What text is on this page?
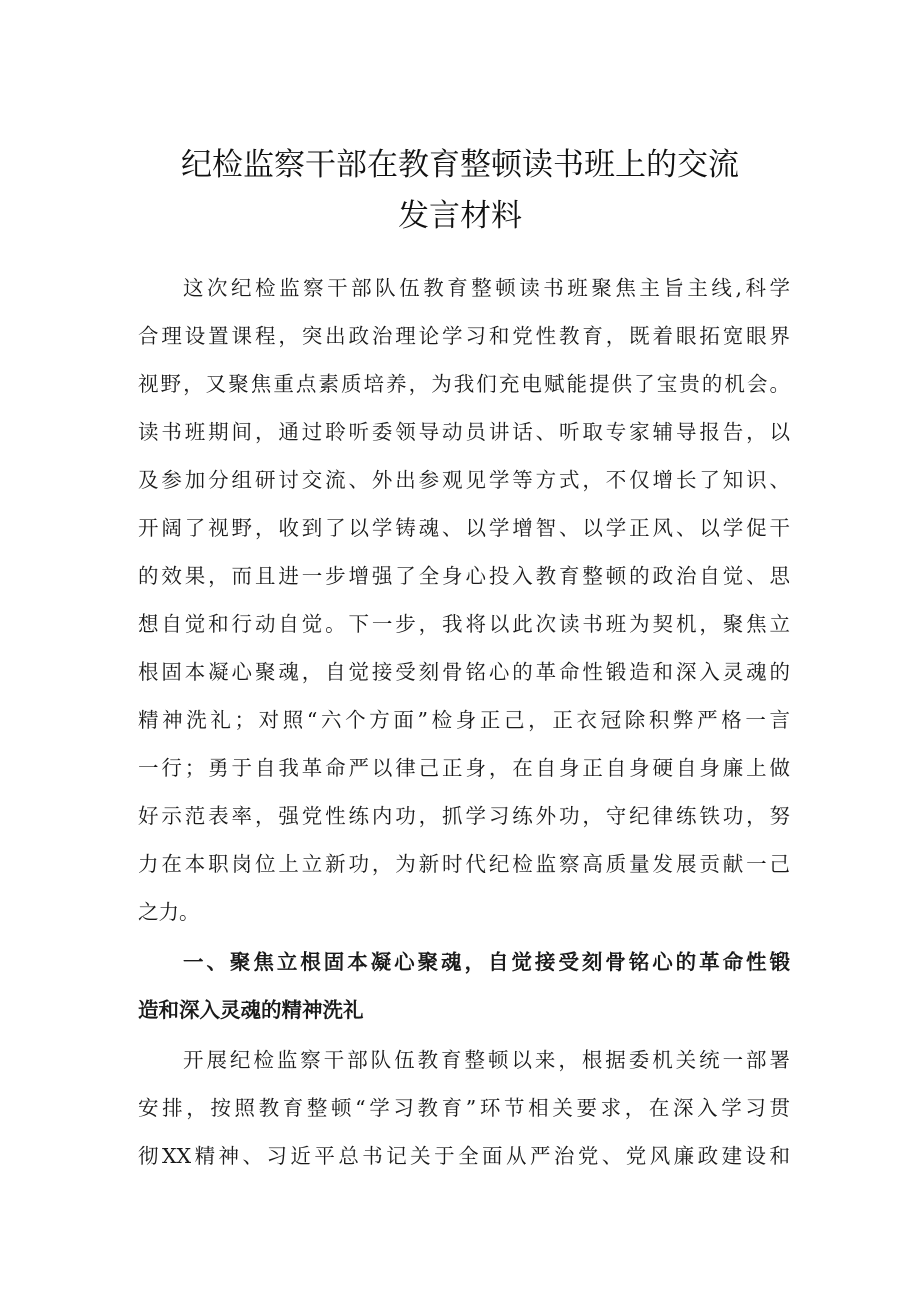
纪检监察干部在教育整顿读书班上的交流
发言材料
这次纪检监察干部队伍教育整顿读书班聚焦主旨主线,科学
合理设置课程，突出政治理论学习和党性教育，既着眼拓宽眼界
视野，又聚焦重点素质培养，为我们充电赋能提供了宝贵的机会。
读书班期间，通过聆听委领导动员讲话、听取专家辅导报告，以
及参加分组研讨交流、外出参观见学等方式，不仅增长了知识、
开阔了视野，收到了以学铸魂、以学增智、以学正风、以学促干
的效果，而且进一步增强了全身心投入教育整顿的政治自觉、思
想自觉和行动自觉。下一步，我将以此次读书班为契机，聚焦立
根固本凝心聚魂，自觉接受刻骨铭心的革命性锻造和深入灵魂的
精神洗礼；对照“六个方面”检身正己，正衣冠除积弊严格一言
一行；勇于自我革命严以律己正身，在自身正自身硬自身廉上做
好示范表率，强党性练内功，抓学习练外功，守纪律练铁功，努
力在本职岗位上立新功，为新时代纪检监察高质量发展贡献一己
之力。
一、聚焦立根固本凝心聚魂，自觉接受刻骨铭心的革命性锻
造和深入灵魂的精神洗礼
开展纪检监察干部队伍教育整顿以来，根据委机关统一部署
安排，按照教育整顿“学习教育”环节相关要求，在深入学习贯
彻XX精神、习近平总书记关于全面从严治党、党风廉政建设和
